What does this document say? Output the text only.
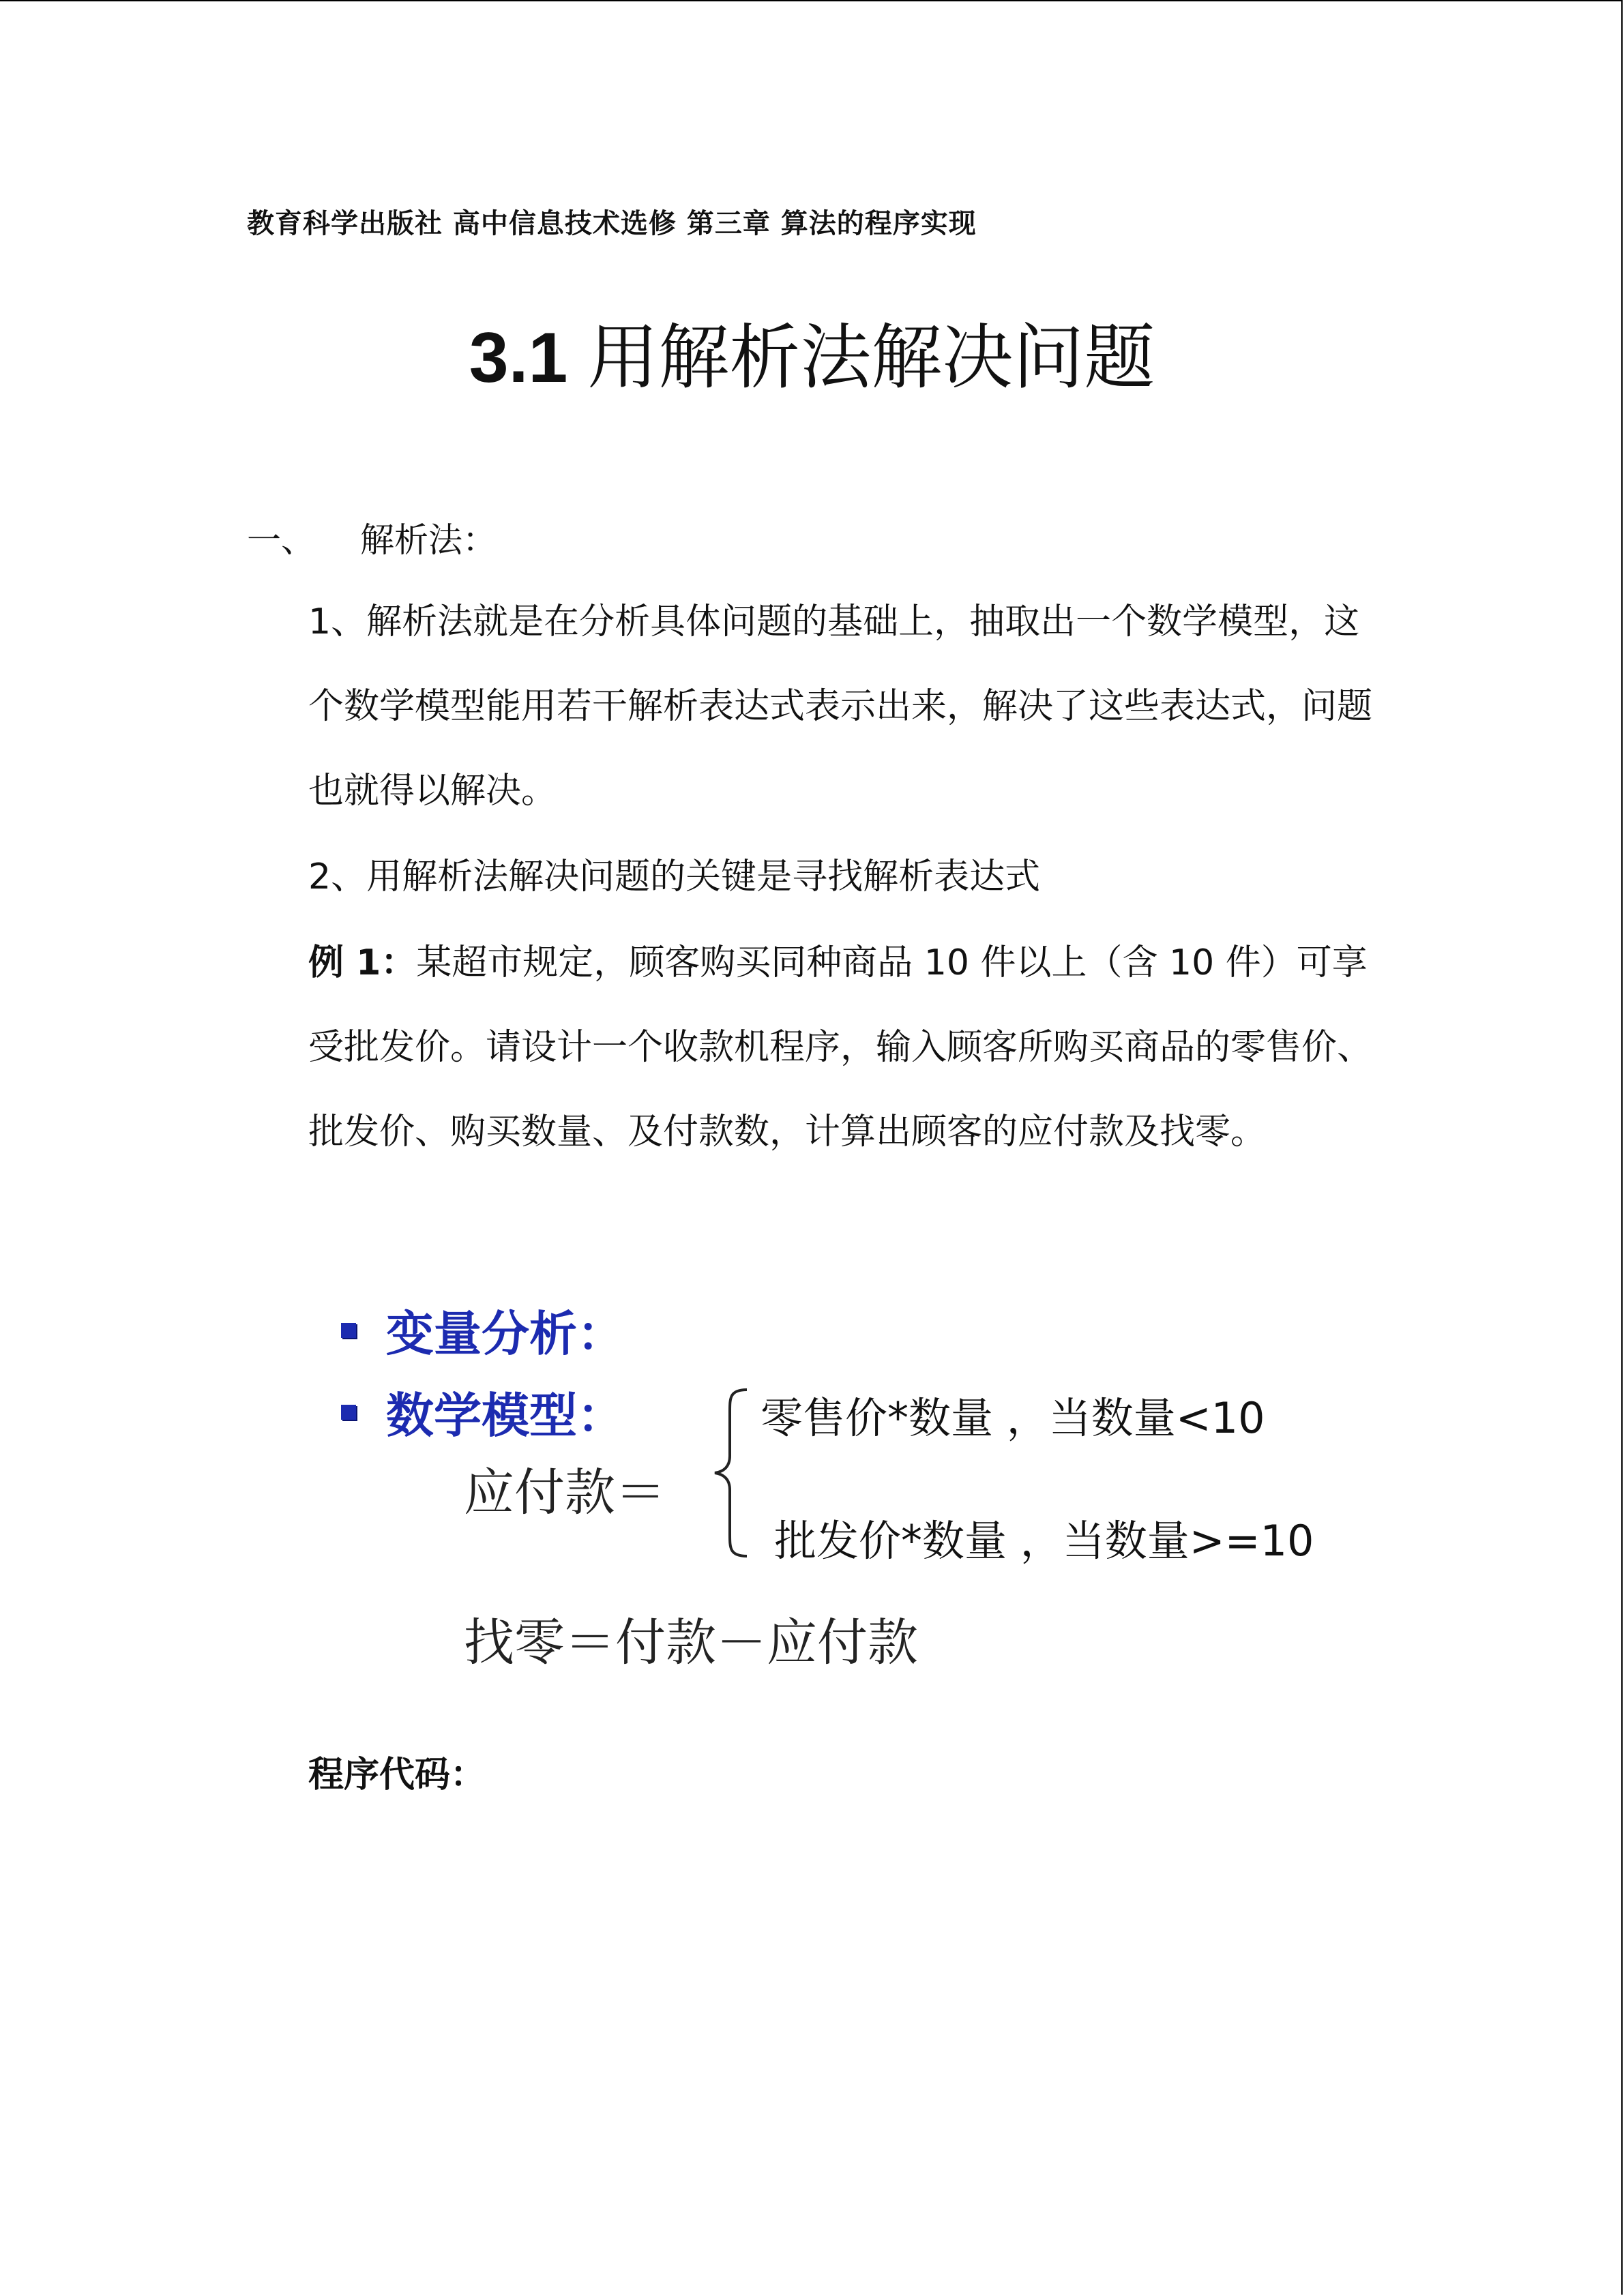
教育科学出版社 高中信息技术选修 第三章 算法的程序实现
3.1 用解析法解决问题
一、 解析法：
1、解析法就是在分析具体问题的基础上，抽取出一个数学模型，这个数学模型能用若干解析表达式表示出来，解决了这些表达式，问题也就得以解决。
2、用解析法解决问题的关键是寻找解析表达式
例 1：某超市规定，顾客购买同种商品 10 件以上（含 10 件）可享受批发价。请设计一个收款机程序，输入顾客所购买商品的零售价、批发价、购买数量、及付款数，计算出顾客的应付款及找零。
变量分析：
数学模型：
应付款＝
零售价*数量 ，当数量<10
批发价*数量 ，当数量>=10
找零＝付款－应付款
程序代码：
